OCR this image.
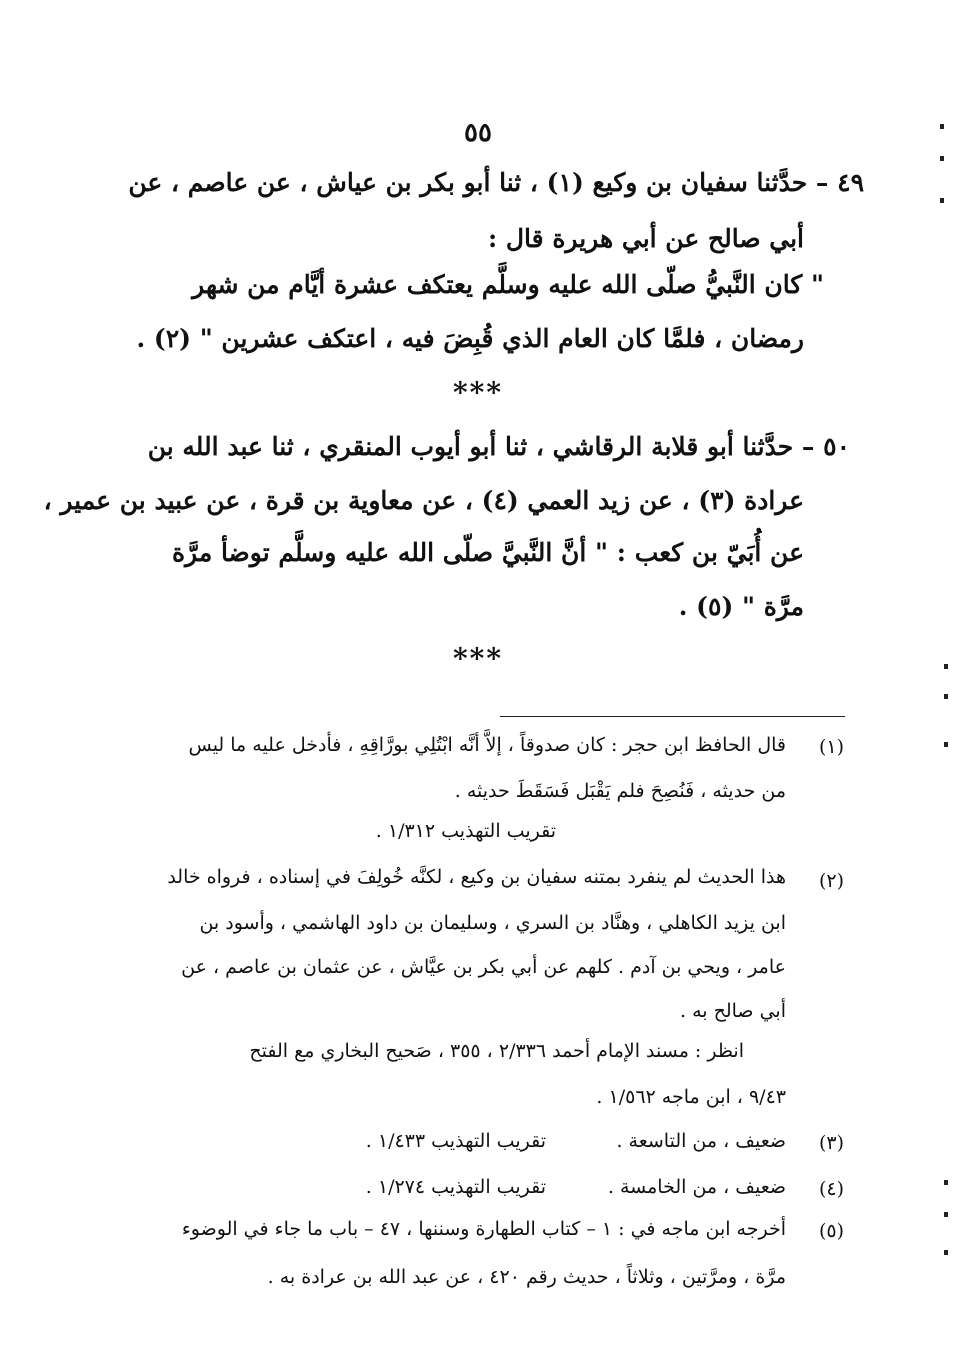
٥٥
٤٩ – حدَّثنا سفيان بن وكيع (١) ، ثنا أبو بكر بن عياش ، عن عاصم ، عن
أبي صالح عن أبي هريرة قال :
" كان النَّبيُّ صلّى الله عليه وسلَّم يعتكف عشرة أيَّام من شهر
رمضان ، فلمَّا كان العام الذي قُبِضَ فيه ، اعتكف عشرين " (٢) .
***
٥٠ – حدَّثنا أبو قلابة الرقاشي ، ثنا أبو أيوب المنقري ، ثنا عبد الله بن
عرادة (٣) ، عن زيد العمي (٤) ، عن معاوية بن قرة ، عن عبيد بن عمير ،
عن أُبَيّ بن كعب : " أنَّ النَّبيَّ صلّى الله عليه وسلَّم توضأ مرَّة
مرَّة " (٥) .
***
(١)
قال الحافظ ابن حجر : كان صدوقاً ، إلاَّ أنَّه ابْتُلِي بورَّاقِهِ ، فأدخل عليه ما ليس
من حديثه ، فَنُصِحَ فلم يَقْبَل فَسَقَطَ حديثه .
تقريب التهذيب ١/٣١٢ .
(٢)
هذا الحديث لم ينفرد بمتنه سفيان بن وكيع ، لكنَّه خُولِفَ في إسناده ، فرواه خالد
ابن يزيد الكاهلي ، وهنَّاد بن السري ، وسليمان بن داود الهاشمي ، وأسود بن
عامر ، ويحي بن آدم . كلهم عن أبي بكر بن عيَّاش ، عن عثمان بن عاصم ، عن
أبي صالح به .
انظر : مسند الإمام أحمد ٢/٣٣٦ ، ٣٥٥ ، صَحيح البخاري مع الفتح
٩/٤٣ ، ابن ماجه ١/٥٦٢ .
(٣)
ضعيف ، من التاسعة .
تقريب التهذيب ١/٤٣٣ .
(٤)
ضعيف ، من الخامسة .
تقريب التهذيب ١/٢٧٤ .
(٥)
أخرجه ابن ماجه في : ١ – كتاب الطهارة وسننها ، ٤٧ – باب ما جاء في الوضوء
مرَّة ، ومرَّتين ، وثلاثاً ، حديث رقم ٤٢٠ ، عن عبد الله بن عرادة به .
